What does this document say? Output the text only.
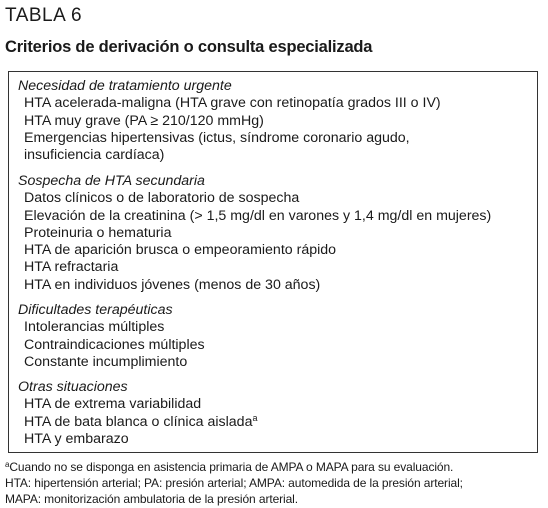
TABLA 6
Criterios de derivación o consulta especializada
Necesidad de tratamiento urgente
HTA acelerada-maligna (HTA grave con retinopatía grados III o IV)
HTA muy grave (PA ≥ 210/120 mmHg)
Emergencias hipertensivas (ictus, síndrome coronario agudo,
insuficiencia cardíaca)
Sospecha de HTA secundaria
Datos clínicos o de laboratorio de sospecha
Elevación de la creatinina (> 1,5 mg/dl en varones y 1,4 mg/dl en mujeres)
Proteinuria o hematuria
HTA de aparición brusca o empeoramiento rápido
HTA refractaria
HTA en individuos jóvenes (menos de 30 años)
Dificultades terapéuticas
Intolerancias múltiples
Contraindicaciones múltiples
Constante incumplimiento
Otras situaciones
HTA de extrema variabilidad
HTA de bata blanca o clínica aislada$^a$
HTA y embarazo
$^a$Cuando no se disponga en asistencia primaria de AMPA o MAPA para su evaluación.
HTA: hipertensión arterial; PA: presión arterial; AMPA: automedida de la presión arterial;
MAPA: monitorización ambulatoria de la presión arterial.
